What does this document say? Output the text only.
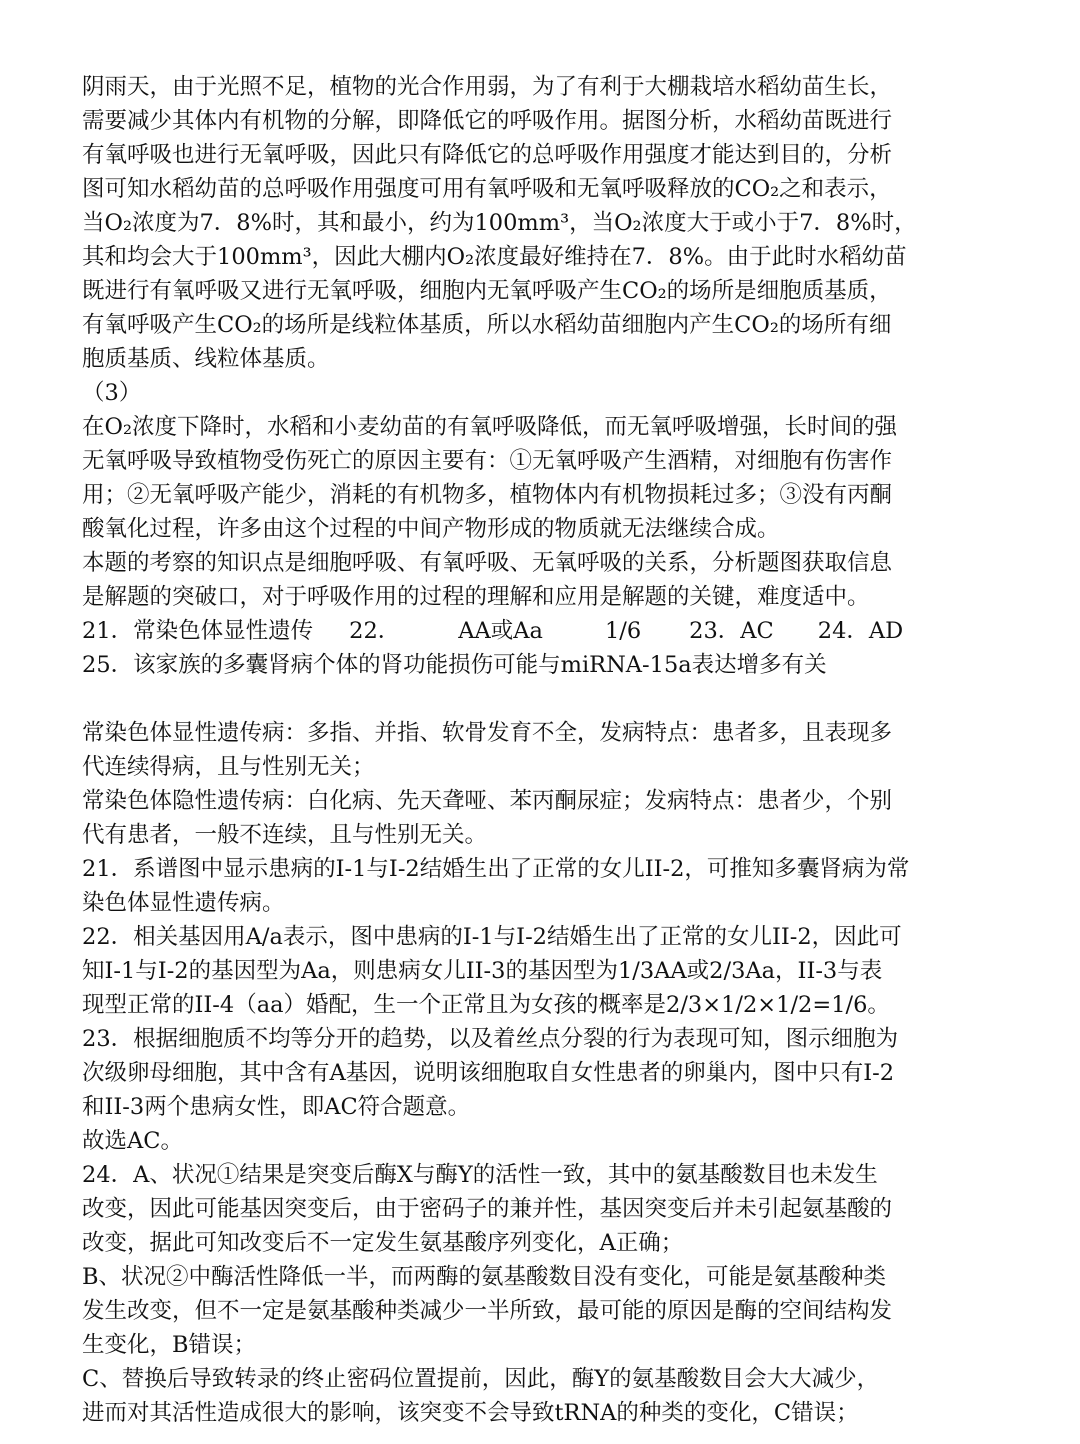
阴雨天，由于光照不足，植物的光合作用弱，为了有利于大棚栽培水稻幼苗生长，
需要减少其体内有机物的分解，即降低它的呼吸作用。据图分析，水稻幼苗既进行
有氧呼吸也进行无氧呼吸，因此只有降低它的总呼吸作用强度才能达到目的，分析
图可知水稻幼苗的总呼吸作用强度可用有氧呼吸和无氧呼吸释放的CO₂之和表示，
当O₂浓度为7．8%时，其和最小，约为100mm³，当O₂浓度大于或小于7．8%时，
其和均会大于100mm³，因此大棚内O₂浓度最好维持在7．8%。由于此时水稻幼苗
既进行有氧呼吸又进行无氧呼吸，细胞内无氧呼吸产生CO₂的场所是细胞质基质，
有氧呼吸产生CO₂的场所是线粒体基质，所以水稻幼苗细胞内产生CO₂的场所有细
胞质基质、线粒体基质。
（3）
在O₂浓度下降时，水稻和小麦幼苗的有氧呼吸降低，而无氧呼吸增强，长时间的强
无氧呼吸导致植物受伤死亡的原因主要有：①无氧呼吸产生酒精，对细胞有伤害作
用；②无氧呼吸产能少，消耗的有机物多，植物体内有机物损耗过多；③没有丙酮
酸氧化过程，许多由这个过程的中间产物形成的物质就无法继续合成。
本题的考察的知识点是细胞呼吸、有氧呼吸、无氧呼吸的关系，分析题图获取信息
是解题的突破口，对于呼吸作用的过程的理解和应用是解题的关键，难度适中。
21．常染色体显性遗传 22．	AA或Aa	1/6 23．AC 24．AD
25．该家族的多囊肾病个体的肾功能损伤可能与miRNA-15a表达增多有关
常染色体显性遗传病：多指、并指、软骨发育不全，发病特点：患者多，且表现多
代连续得病，且与性别无关；
常染色体隐性遗传病：白化病、先天聋哑、苯丙酮尿症；发病特点：患者少，个别
代有患者，一般不连续，且与性别无关。
21．系谱图中显示患病的I-1与I-2结婚生出了正常的女儿II-2，可推知多囊肾病为常
染色体显性遗传病。
22．相关基因用A/a表示，图中患病的I-1与I-2结婚生出了正常的女儿II-2，因此可
知I-1与I-2的基因型为Aa，则患病女儿II-3的基因型为1/3AA或2/3Aa，II-3与表
现型正常的II-4（aa）婚配，生一个正常且为女孩的概率是2/3×1/2×1/2=1/6。
23．根据细胞质不均等分开的趋势，以及着丝点分裂的行为表现可知，图示细胞为
次级卵母细胞，其中含有A基因，说明该细胞取自女性患者的卵巢内，图中只有I-2
和II-3两个患病女性，即AC符合题意。
故选AC。
24．A、状况①结果是突变后酶X与酶Y的活性一致，其中的氨基酸数目也未发生
改变，因此可能基因突变后，由于密码子的兼并性，基因突变后并未引起氨基酸的
改变，据此可知改变后不一定发生氨基酸序列变化，A正确；
B、状况②中酶活性降低一半，而两酶的氨基酸数目没有变化，可能是氨基酸种类
发生改变，但不一定是氨基酸种类减少一半所致，最可能的原因是酶的空间结构发
生变化，B错误；
C、替换后导致转录的终止密码位置提前，因此，酶Y的氨基酸数目会大大减少，
进而对其活性造成很大的影响，该突变不会导致tRNA的种类的变化，C错误；
